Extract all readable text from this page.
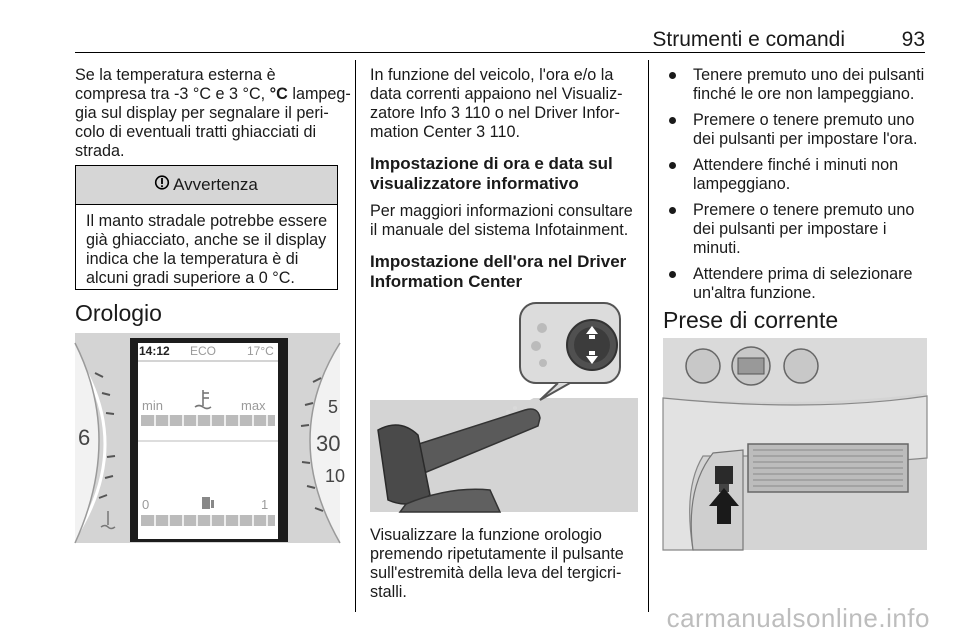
Strumenti e comandi	93
Se la temperatura esterna è
compresa tra -3 °C e 3 °C, °C lampeg-
gia sul display per segnalare il peri-
colo di eventuali tratti ghiacciati di
strada.
Avvertenza
Il manto stradale potrebbe essere
già ghiacciato, anche se il display
indica che la temperatura è di
alcuni gradi superiore a 0 °C.
Orologio
14:12 ECO	17°C
min	max
0	1
6
5
30
10
In funzione del veicolo, l'ora e/o la
data correnti appaiono nel Visualiz-
zatore Info 3 110 o nel Driver Infor-
mation Center 3 110.
Impostazione di ora e data sul
visualizzatore informativo
Per maggiori informazioni consultare
il manuale del sistema Infotainment.
Impostazione dell'ora nel Driver
Information Center
Visualizzare la funzione orologio
premendo ripetutamente il pulsante
sull'estremità della leva del tergicri-
stalli.
Tenere premuto uno dei pulsanti
finché le ore non lampeggiano.
Premere o tenere premuto uno
dei pulsanti per impostare l'ora.
Attendere finché i minuti non
lampeggiano.
Premere o tenere premuto uno
dei pulsanti per impostare i
minuti.
Attendere prima di selezionare
un'altra funzione.
Prese di corrente
carmanualsonline.info
